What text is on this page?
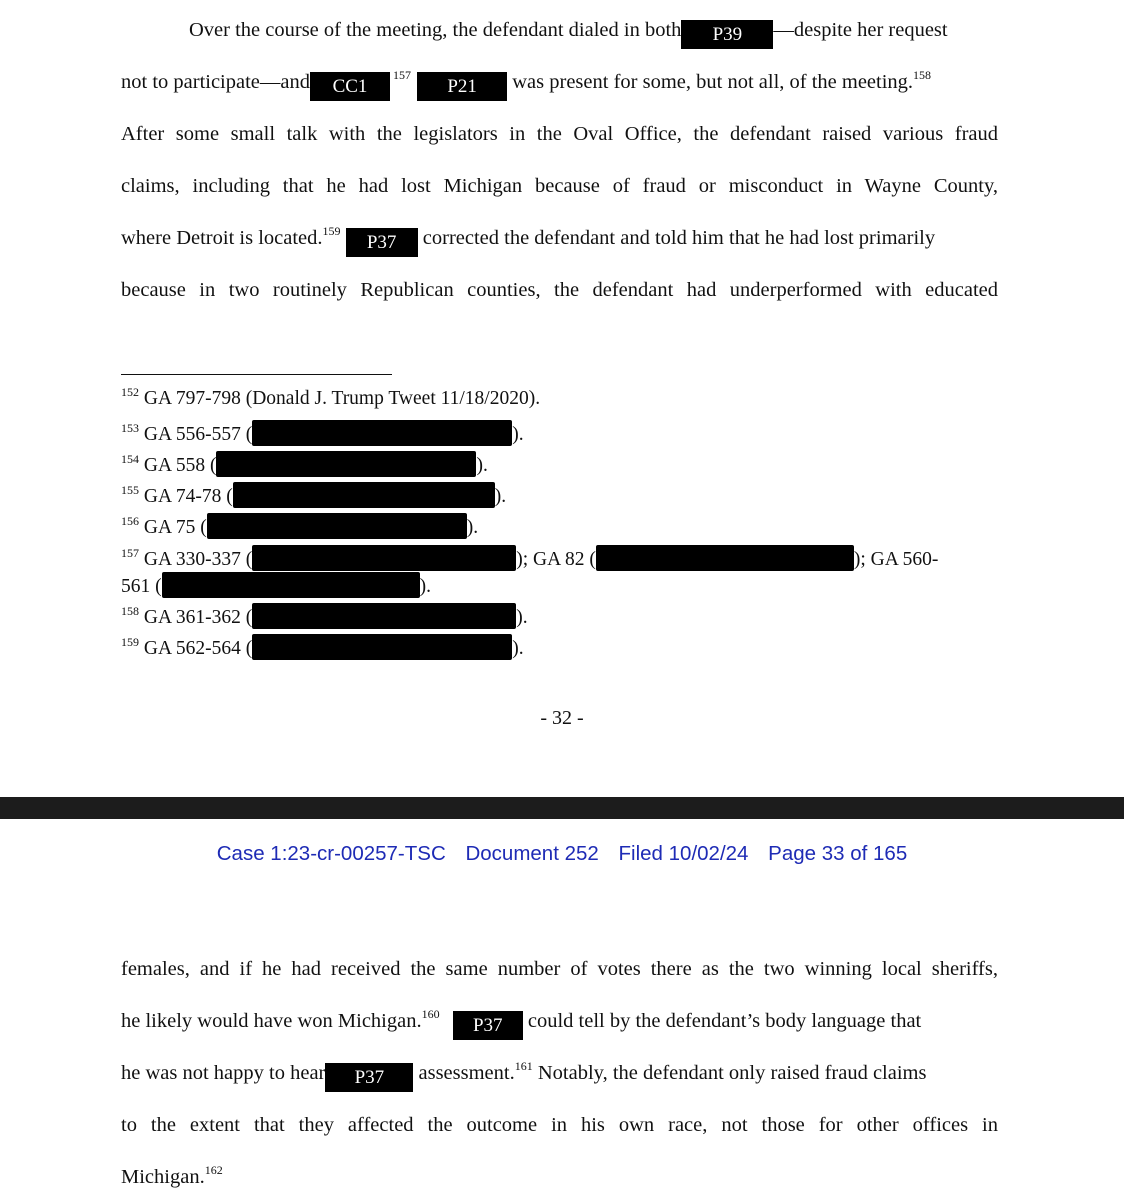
Over the course of the meeting, the defendant dialed in both P39 —despite her request
not to participate—and $CC1^{157}$ P21 was present for some, but not all, of the meeting.$^{158}$
After some small talk with the legislators in the Oval Office, the defendant raised various fraud
claims, including that he had lost Michigan because of fraud or misconduct in Wayne County,
where Detroit is located.$^{159}$ P37 corrected the defendant and told him that he had lost primarily
because in two routinely Republican counties, the defendant had underperformed with educated
$^{152}$ GA 797-798 (Donald J. Trump Tweet 11/18/2020).
$^{153}$ GA 556-557 (	).
$^{154}$ GA 558 (	).
$^{155}$ GA 74-78 (	).
$^{156}$ GA 75 (	).
$^{157}$ GA 330-337 (	); GA 82 (	); GA 560-
561 (	).
$^{158}$ GA 361-362 (	).
$^{159}$ GA 562-564 (	).
- 32 -
Case 1:23-cr-00257-TSC Document 252 Filed 10/02/24 Page 33 of 165
females, and if he had received the same number of votes there as the two winning local sheriffs,
he likely would have won Michigan.$^{160}$ P37 could tell by the defendant’s body language that
he was not happy to hear P37 assessment.$^{161}$ Notably, the defendant only raised fraud claims
to the extent that they affected the outcome in his own race, not those for other offices in
Michigan.$^{162}$
